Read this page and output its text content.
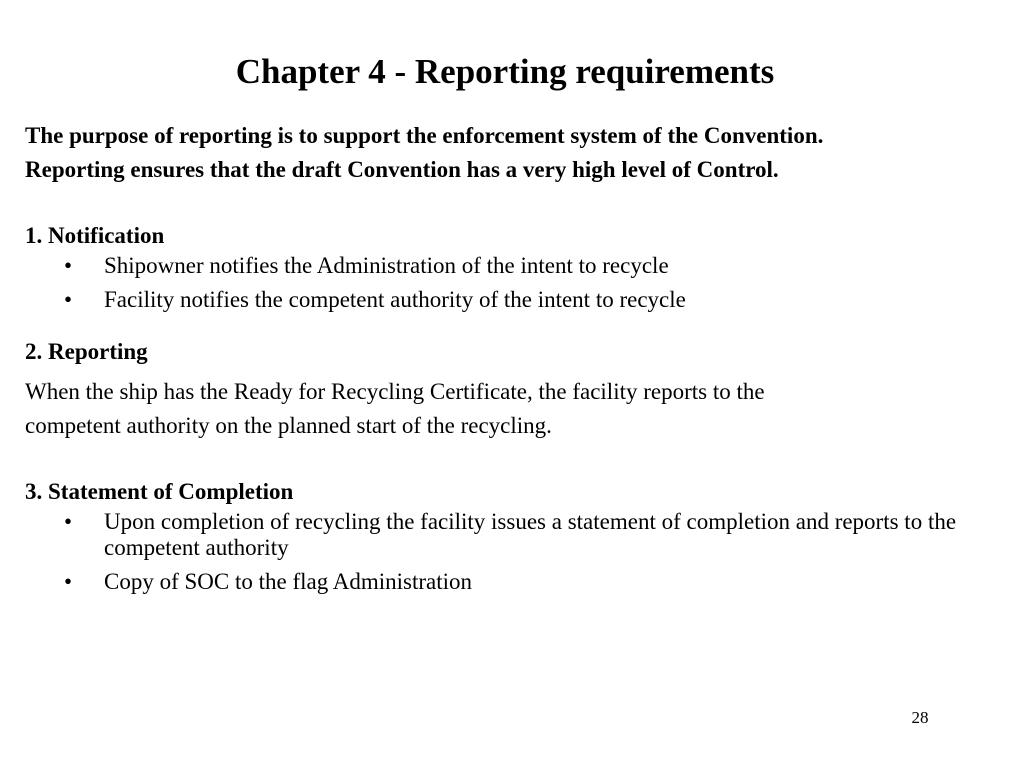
Chapter 4 - Reporting requirements

The purpose of reporting is to support the enforcement system of the Convention.

Reporting ensures that the draft Convention has a very high level of Control.

1. Notification

• Shipowner notifies the Administration of the intent to recycle
• Facility notifies the competent authority of the intent to recycle

2. Reporting

When the ship has the Ready for Recycling Certificate, the facility reports to the

competent authority on the planned start of the recycling.

3. Statement of Completion

• Upon completion of recycling the facility issues a statement of completion and reports to the competent authority
• Copy of SOC to the flag Administration
28
